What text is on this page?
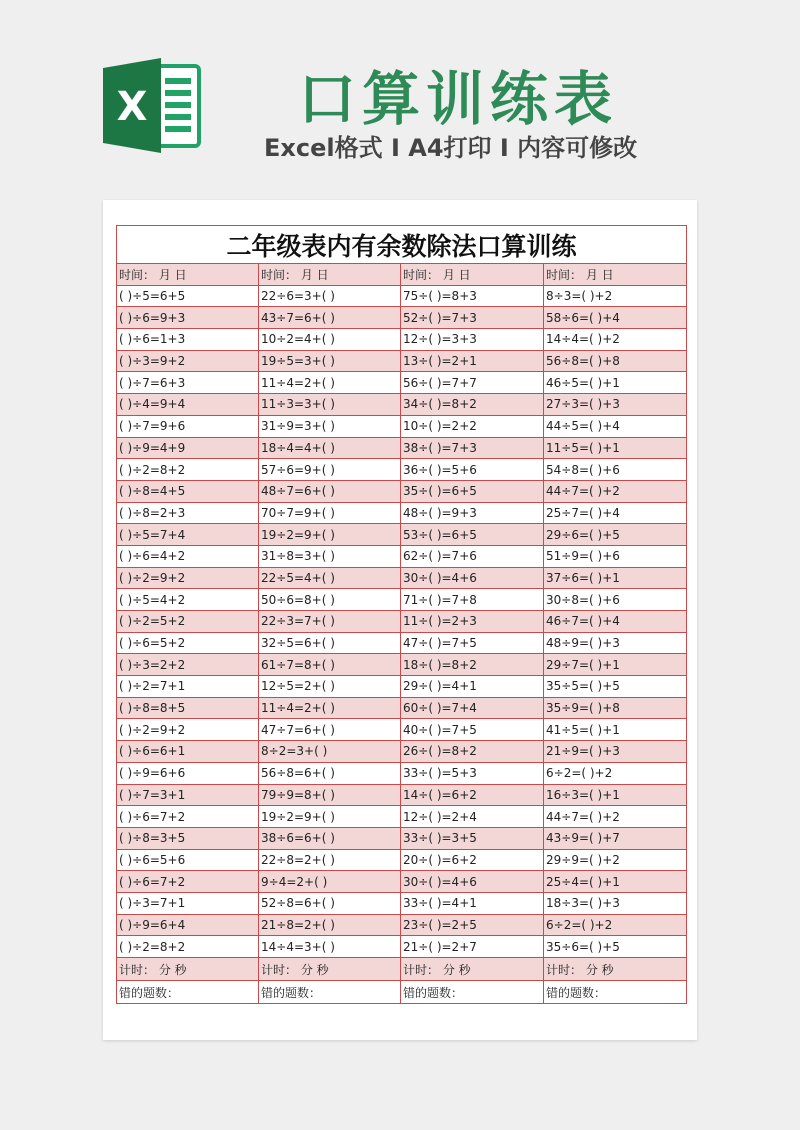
X	口算训练表
Excel格式 I A4打印 I 内容可修改
二年级表内有余数除法口算训练			
时间： 月 日	时间： 月 日	时间： 月 日	时间： 月 日
( )÷5=6+5	22÷6=3+( )	75÷( )=8+3	8÷3=( )+2
( )÷6=9+3	43÷7=6+( )	52÷( )=7+3	58÷6=( )+4
( )÷6=1+3	10÷2=4+( )	12÷( )=3+3	14÷4=( )+2
( )÷3=9+2	19÷5=3+( )	13÷( )=2+1	56÷8=( )+8
( )÷7=6+3	11÷4=2+( )	56÷( )=7+7	46÷5=( )+1
( )÷4=9+4	11÷3=3+( )	34÷( )=8+2	27÷3=( )+3
( )÷7=9+6	31÷9=3+( )	10÷( )=2+2	44÷5=( )+4
( )÷9=4+9	18÷4=4+( )	38÷( )=7+3	11÷5=( )+1
( )÷2=8+2	57÷6=9+( )	36÷( )=5+6	54÷8=( )+6
( )÷8=4+5	48÷7=6+( )	35÷( )=6+5	44÷7=( )+2
( )÷8=2+3	70÷7=9+( )	48÷( )=9+3	25÷7=( )+4
( )÷5=7+4	19÷2=9+( )	53÷( )=6+5	29÷6=( )+5
( )÷6=4+2	31÷8=3+( )	62÷( )=7+6	51÷9=( )+6
( )÷2=9+2	22÷5=4+( )	30÷( )=4+6	37÷6=( )+1
( )÷5=4+2	50÷6=8+( )	71÷( )=7+8	30÷8=( )+6
( )÷2=5+2	22÷3=7+( )	11÷( )=2+3	46÷7=( )+4
( )÷6=5+2	32÷5=6+( )	47÷( )=7+5	48÷9=( )+3
( )÷3=2+2	61÷7=8+( )	18÷( )=8+2	29÷7=( )+1
( )÷2=7+1	12÷5=2+( )	29÷( )=4+1	35÷5=( )+5
( )÷8=8+5	11÷4=2+( )	60÷( )=7+4	35÷9=( )+8
( )÷2=9+2	47÷7=6+( )	40÷( )=7+5	41÷5=( )+1
( )÷6=6+1	8÷2=3+( )	26÷( )=8+2	21÷9=( )+3
( )÷9=6+6	56÷8=6+( )	33÷( )=5+3	6÷2=( )+2
( )÷7=3+1	79÷9=8+( )	14÷( )=6+2	16÷3=( )+1
( )÷6=7+2	19÷2=9+( )	12÷( )=2+4	44÷7=( )+2
( )÷8=3+5	38÷6=6+( )	33÷( )=3+5	43÷9=( )+7
( )÷6=5+6	22÷8=2+( )	20÷( )=6+2	29÷9=( )+2
( )÷6=7+2	9÷4=2+( )	30÷( )=4+6	25÷4=( )+1
( )÷3=7+1	52÷8=6+( )	33÷( )=4+1	18÷3=( )+3
( )÷9=6+4	21÷8=2+( )	23÷( )=2+5	6÷2=( )+2
( )÷2=8+2	14÷4=3+( )	21÷( )=2+7	35÷6=( )+5
计时： 分 秒	计时： 分 秒	计时： 分 秒	计时： 分 秒
错的题数：	错的题数：	错的题数：	错的题数：
